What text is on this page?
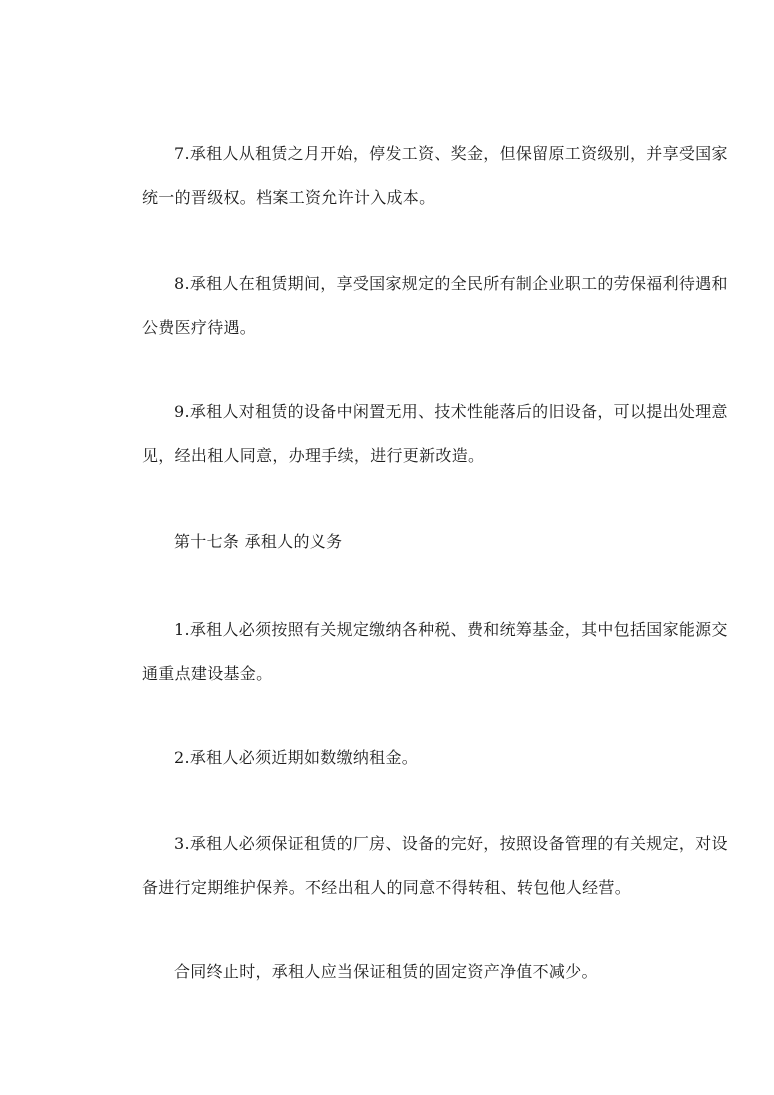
7.承租人从租赁之月开始，停发工资、奖金，但保留原工资级别，并享受国家
统一的晋级权。档案工资允许计入成本。

8.承租人在租赁期间，享受国家规定的全民所有制企业职工的劳保福利待遇和
公费医疗待遇。

9.承租人对租赁的设备中闲置无用、技术性能落后的旧设备，可以提出处理意
见，经出租人同意，办理手续，进行更新改造。

第十七条 承租人的义务

1.承租人必须按照有关规定缴纳各种税、费和统筹基金，其中包括国家能源交
通重点建设基金。

2.承租人必须近期如数缴纳租金。

3.承租人必须保证租赁的厂房、设备的完好，按照设备管理的有关规定，对设
备进行定期维护保养。不经出租人的同意不得转租、转包他人经营。

合同终止时，承租人应当保证租赁的固定资产净值不减少。
